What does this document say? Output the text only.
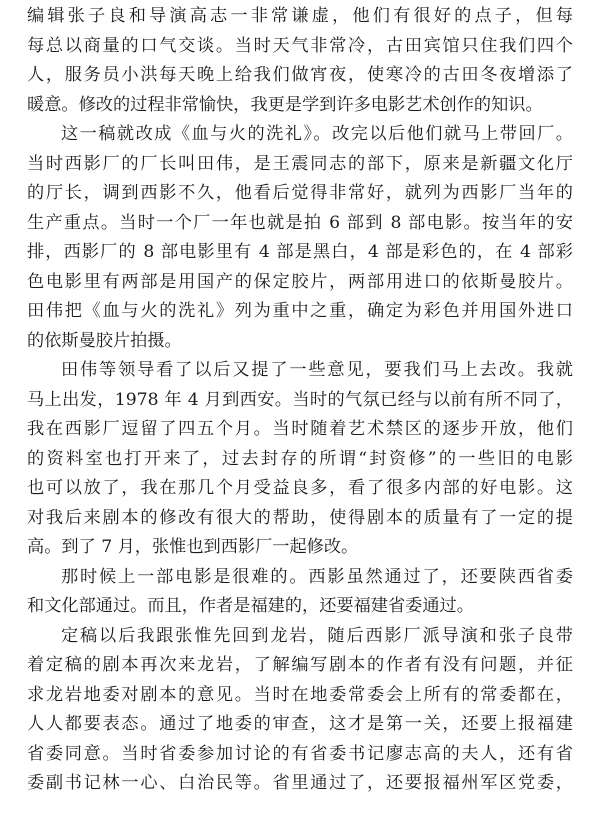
编辑张子良和导演高志一非常谦虚，他们有很好的点子，但每
每总以商量的口气交谈。当时天气非常冷，古田宾馆只住我们四个
人，服务员小洪每天晚上给我们做宵夜，使寒冷的古田冬夜增添了
暖意。修改的过程非常愉快，我更是学到许多电影艺术创作的知识。
这一稿就改成《血与火的洗礼》。改完以后他们就马上带回厂。
当时西影厂的厂长叫田伟，是王震同志的部下，原来是新疆文化厅
的厅长，调到西影不久，他看后觉得非常好，就列为西影厂当年的
生产重点。当时一个厂一年也就是拍 6 部到 8 部电影。按当年的安
排，西影厂的 8 部电影里有 4 部是黑白，4 部是彩色的，在 4 部彩
色电影里有两部是用国产的保定胶片，两部用进口的依斯曼胶片。
田伟把《血与火的洗礼》列为重中之重，确定为彩色并用国外进口
的依斯曼胶片拍摄。
田伟等领导看了以后又提了一些意见，要我们马上去改。我就
马上出发，1978 年 4 月到西安。当时的气氛已经与以前有所不同了，
我在西影厂逗留了四五个月。当时随着艺术禁区的逐步开放，他们
的资料室也打开来了，过去封存的所谓“封资修”的一些旧的电影
也可以放了，我在那几个月受益良多，看了很多内部的好电影。这
对我后来剧本的修改有很大的帮助，使得剧本的质量有了一定的提
高。到了 7 月，张惟也到西影厂一起修改。
那时候上一部电影是很难的。西影虽然通过了，还要陕西省委
和文化部通过。而且，作者是福建的，还要福建省委通过。
定稿以后我跟张惟先回到龙岩，随后西影厂派导演和张子良带
着定稿的剧本再次来龙岩，了解编写剧本的作者有没有问题，并征
求龙岩地委对剧本的意见。当时在地委常委会上所有的常委都在，
人人都要表态。通过了地委的审查，这才是第一关，还要上报福建
省委同意。当时省委参加讨论的有省委书记廖志高的夫人，还有省
委副书记林一心、白治民等。省里通过了，还要报福州军区党委，
